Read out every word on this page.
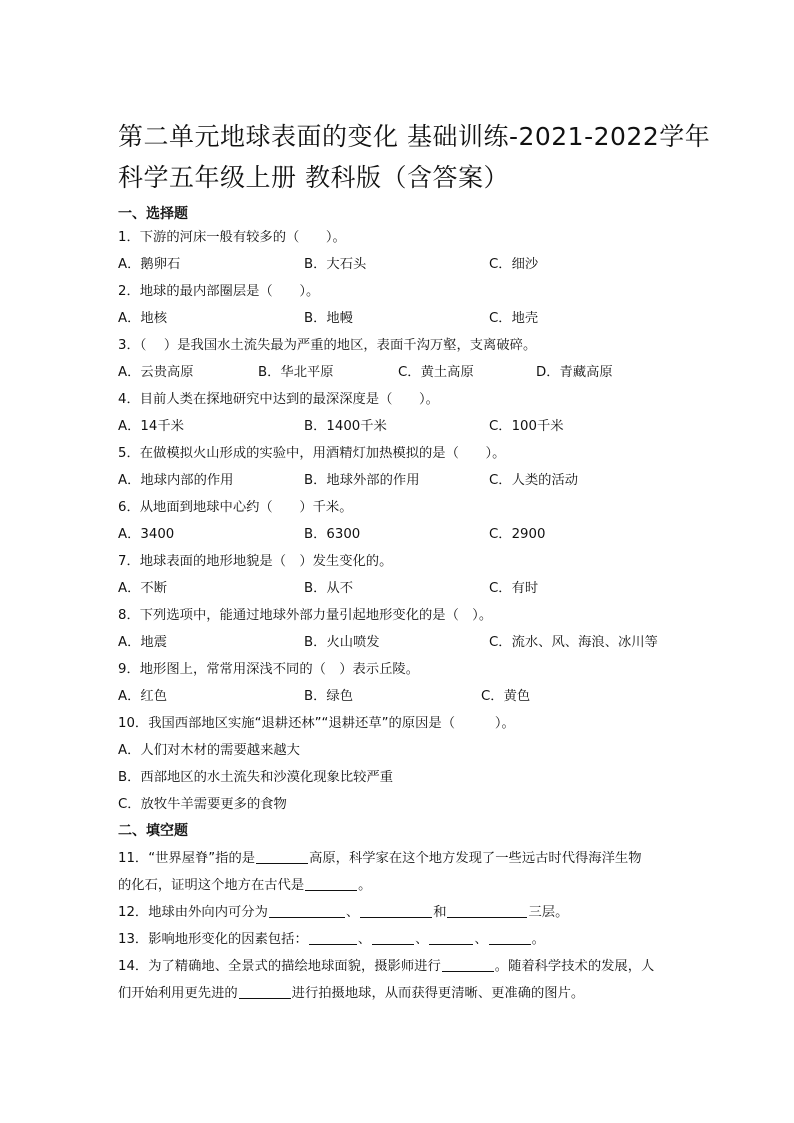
第二单元地球表面的变化 基础训练-2021-2022学年
科学五年级上册 教科版（含答案）
一、选择题
1．下游的河床一般有较多的（　　）。
A．鹅卵石	B．大石头	C．细沙
2．地球的最内部圈层是（　　）。
A．地核	B．地幔	C．地壳
3．（　 ）是我国水土流失最为严重的地区，表面千沟万壑，支离破碎。
A．云贵高原	B．华北平原	C．黄土高原	D．青藏高原
4．目前人类在探地研究中达到的最深深度是（　　）。
A．14千米	B．1400千米	C．100千米
5．在做模拟火山形成的实验中，用酒精灯加热模拟的是（　　）。
A．地球内部的作用	B．地球外部的作用	C．人类的活动
6．从地面到地球中心约（　　）千米。
A．3400	B．6300	C．2900
7．地球表面的地形地貌是（　）发生变化的。
A．不断	B．从不	C．有时
8．下列选项中，能通过地球外部力量引起地形变化的是（　）。
A．地震	B．火山喷发	C．流水、风、海浪、冰川等
9．地形图上，常常用深浅不同的（　）表示丘陵。
A．红色	B．绿色	C．黄色
10．我国西部地区实施“退耕还林”“退耕还草”的原因是（　　　）。
A．人们对木材的需要越来越大
B．西部地区的水土流失和沙漠化现象比较严重
C．放牧牛羊需要更多的食物
二、填空题
11．“世界屋脊”指的是	高原，科学家在这个地方发现了一些远古时代得海洋生物
的化石，证明这个地方在古代是	。
12．地球由外向内可分为	、	和	三层。
13．影响地形变化的因素包括：	、	、	、	。
14．为了精确地、全景式的描绘地球面貌，摄影师进行	。随着科学技术的发展，人
们开始利用更先进的	进行拍摄地球，从而获得更清晰、更准确的图片。
